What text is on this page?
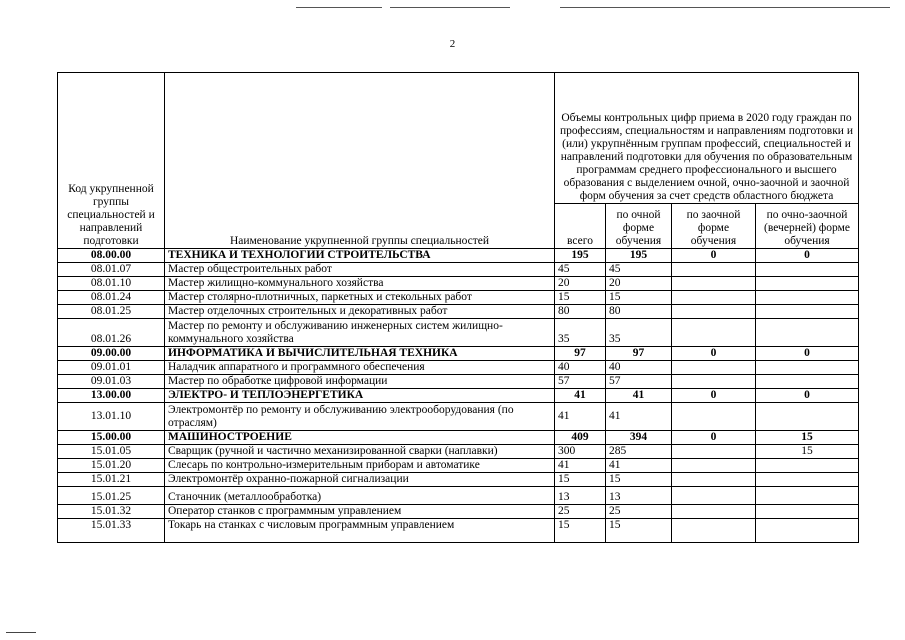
2
Код укрупненной группы специальностей и направлений подготовки	Наименование укрупненной группы специальностей	Объемы контрольных цифр приема в 2020 году граждан по профессиям, специальностям и направлениям подготовки и (или) укрупнённым группам профессий, специальностей и направлений подготовки для обучения по образовательным программам среднего профессионального и высшего образования с выделением очной, очно-заочной и заочной форм обучения за счет средств областного бюджета			
		всего	по очной форме обучения	по заочной форме обучения	по очно-заочной (вечерней) форме обучения
08.00.00	ТЕХНИКА И ТЕХНОЛОГИИ СТРОИТЕЛЬСТВА	195	195	0	0
08.01.07	Мастер общестроительных работ	45	45		
08.01.10	Мастер жилищно-коммунального хозяйства	20	20		
08.01.24	Мастер столярно-плотничных, паркетных и стекольных работ	15	15		
08.01.25	Мастер отделочных строительных и декоративных работ	80	80		
08.01.26	Мастер по ремонту и обслуживанию инженерных систем жилищно-коммунального хозяйства	35	35		
09.00.00	ИНФОРМАТИКА И ВЫЧИСЛИТЕЛЬНАЯ ТЕХНИКА	97	97	0	0
09.01.01	Наладчик аппаратного и программного обеспечения	40	40		
09.01.03	Мастер по обработке цифровой информации	57	57		
13.00.00	ЭЛЕКТРО- И ТЕПЛОЭНЕРГЕТИКА	41	41	0	0
13.01.10	Электромонтёр по ремонту и обслуживанию электрооборудования (по отраслям)	41	41		
15.00.00	МАШИНОСТРОЕНИЕ	409	394	0	15
15.01.05	Сварщик (ручной и частично механизированной сварки (наплавки)	300	285		15
15.01.20	Слесарь по контрольно-измерительным приборам и автоматике	41	41		
15.01.21	Электромонтёр охранно-пожарной сигнализации	15	15		
15.01.25	Станочник (металлообработка)	13	13		
15.01.32	Оператор станков с программным управлением	25	25		
15.01.33	Токарь на станках с числовым программным управлением	15	15		
